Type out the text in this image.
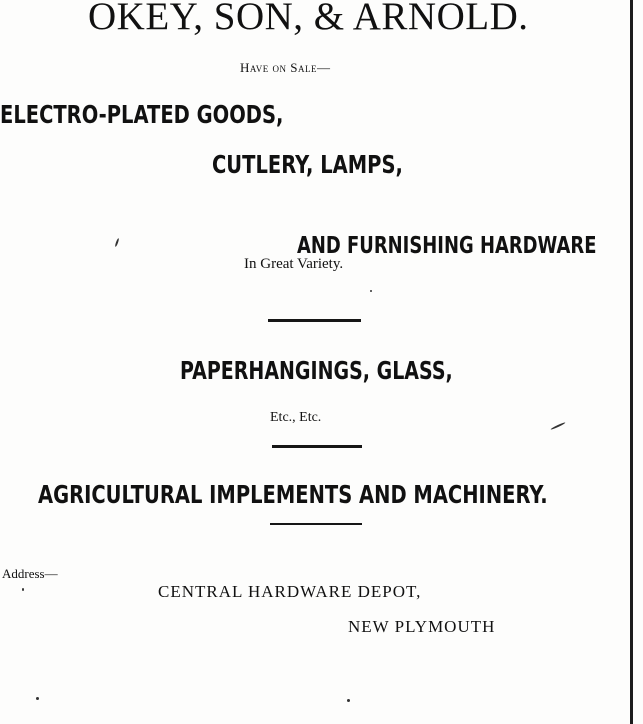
OKEY, SON, & ARNOLD.
Have on Sale—
ELECTRO-PLATED GOODS,
CUTLERY, LAMPS,
AND FURNISHING HARDWARE
In Great Variety.
PAPERHANGINGS, GLASS,
Etc., Etc.
AGRICULTURAL IMPLEMENTS AND MACHINERY.
Address—
CENTRAL HARDWARE DEPOT,
NEW PLYMOUTH
